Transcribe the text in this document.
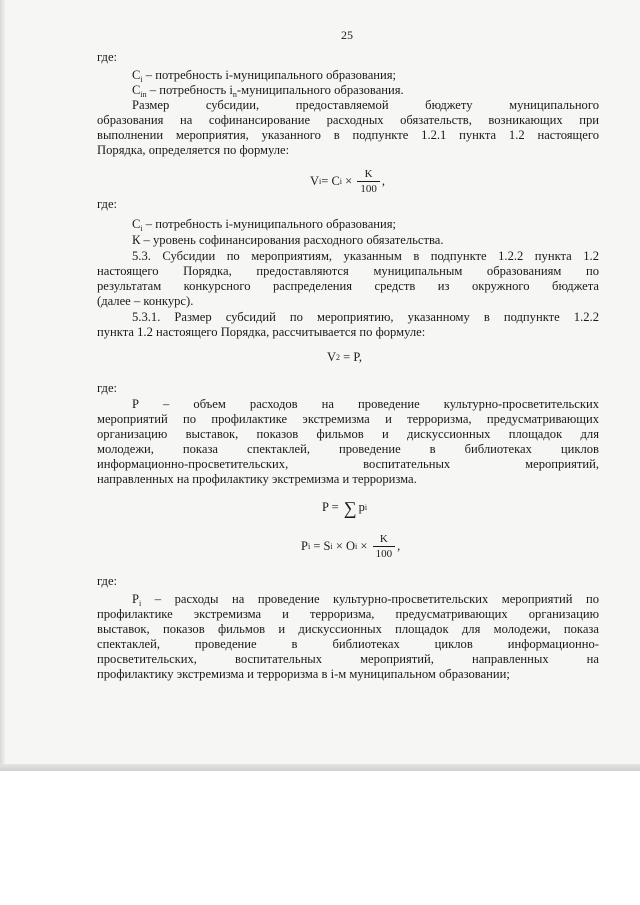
25
где:
$C_i$ – потребность i-муниципального образования;
$C_{in}$ – потребность $i_n$-муниципального образования.
Размер субсидии, предоставляемой бюджету муниципального
образования на софинансирование расходных обязательств, возникающих при
выполнении мероприятия, указанного в подпункте 1.2.1 пункта 1.2 настоящего
Порядка, определяется по формуле:
V i = C $i \times \frac{K}{100}$ ,
где:
$C_i$ – потребность i-муниципального образования;
К – уровень софинансирования расходного обязательства.
5.3. Субсидии по мероприятиям, указанным в подпункте 1.2.2 пункта 1.2
настоящего Порядка, предоставляются муниципальным образованиям по
результатам конкурсного распределения средств из окружного бюджета
(далее – конкурс).
5.3.1. Размер субсидий по мероприятию, указанному в подпункте 1.2.2
пункта 1.2 настоящего Порядка, рассчитывается по формуле:
V 2 = P,
где:
Р – объем расходов на проведение культурно-просветительских
мероприятий по профилактике экстремизма и терроризма, предусматривающих
организацию выставок, показов фильмов и дискуссионных площадок для
молодежи, показа спектаклей, проведение в библиотеках циклов
информационно-просветительских, воспитательных мероприятий,
направленных на профилактику экстремизма и терроризма.
P = ∑ p i
P i = S i × O $i \times \frac{K}{100}$ ,
где:
$P_i$ – расходы на проведение культурно-просветительских мероприятий по
профилактике экстремизма и терроризма, предусматривающих организацию
выставок, показов фильмов и дискуссионных площадок для молодежи, показа
спектаклей, проведение в библиотеках циклов информационно-
просветительских, воспитательных мероприятий, направленных на
профилактику экстремизма и терроризма в i-м муниципальном образовании;
